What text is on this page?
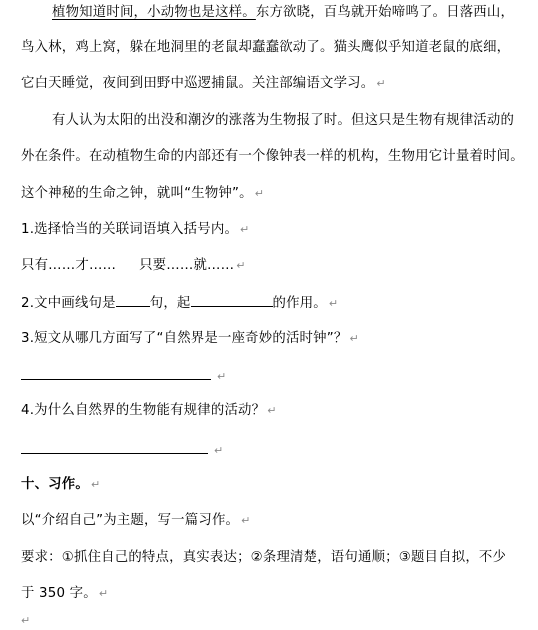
植物知道时间，小动物也是这样。东方欲晓，百鸟就开始啼鸣了。日落西山，
鸟入林，鸡上窝，躲在地洞里的老鼠却蠢蠢欲动了。猫头鹰似乎知道老鼠的底细，
它白天睡觉，夜间到田野中巡逻捕鼠。关注部编语文学习。 ↵
有人认为太阳的出没和潮汐的涨落为生物报了时。但这只是生物有规律活动的
外在条件。在动植物生命的内部还有一个像钟表一样的机构，生物用它计量着时间。
这个神秘的生命之钟，就叫“生物钟”。 ↵
1.选择恰当的关联词语填入括号内。 ↵
只有……才…… 只要……就…… ↵
2.文中画线句是	句，起	的作用。 ↵
3.短文从哪几方面写了“自然界是一座奇妙的活时钟”？ ↵
↵
4.为什么自然界的生物能有规律的活动？ ↵
↵
十、习作。 ↵
以“介绍自己”为主题，写一篇习作。 ↵
要求：①抓住自己的特点，真实表达；②条理清楚，语句通顺；③题目自拟，不少
于 350 字。 ↵
↵
